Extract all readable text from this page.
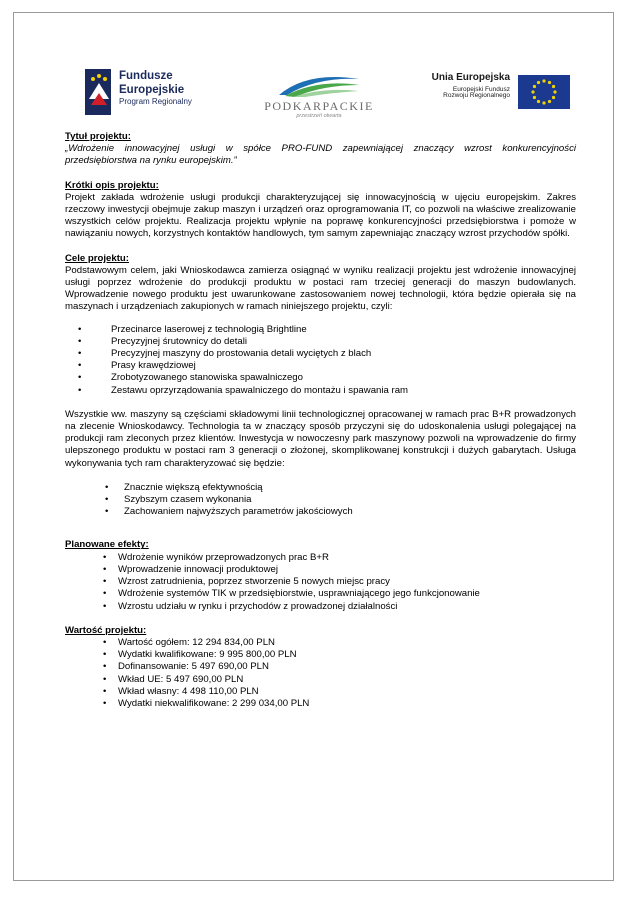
Fundusze
Europejskie
Program Regionalny	PODKARPACKIE
przestrzeń otwarta
Unia Europejska
Europejski Fundusz
Rozwoju Regionalnego
Tytuł projektu:

„Wdrożenie innowacyjnej usługi w spółce PRO-FUND zapewniającej znaczący wzrost konkurencyjności przedsiębiorstwa na rynku europejskim.”

Krótki opis projektu:

Projekt zakłada wdrożenie usługi produkcji charakteryzującej się innowacyjnością w ujęciu europejskim. Zakres rzeczowy inwestycji obejmuje zakup maszyn i urządzeń oraz oprogramowania IT, co pozwoli na właściwe zrealizowanie wszystkich celów projektu. Realizacja projektu wpłynie na poprawę konkurencyjności przedsiębiorstwa i pomoże w nawiązaniu nowych, korzystnych kontaktów handlowych, tym samym zapewniając znaczący wzrost przychodów spółki.

Cele projektu:

Podstawowym celem, jaki Wnioskodawca zamierza osiągnąć w wyniku realizacji projektu jest wdrożenie innowacyjnej usługi poprzez wdrożenie do produkcji produktu w postaci ram trzeciej generacji do maszyn budowlanych. Wprowadzenie nowego produktu jest uwarunkowane zastosowaniem nowej technologii, która będzie opierała się na maszynach i urządzeniach zakupionych w ramach niniejszego projektu, czyli:

• Przecinarce laserowej z technologią Brightline
• Precyzyjnej śrutownicy do detali
• Precyzyjnej maszyny do prostowania detali wyciętych z blach
• Prasy krawędziowej
• Zrobotyzowanego stanowiska spawalniczego
• Zestawu oprzyrządowania spawalniczego do montażu i spawania ram

Wszystkie ww. maszyny są częściami składowymi linii technologicznej opracowanej w ramach prac B+R prowadzonych na zlecenie Wnioskodawcy. Technologia ta w znaczący sposób przyczyni się do udoskonalenia usługi polegającej na produkcji ram zleconych przez klientów. Inwestycja w nowoczesny park maszynowy pozwoli na wprowadzenie do firmy ulepszonego produktu w postaci ram 3 generacji o złożonej, skomplikowanej konstrukcji i dużych gabarytach. Usługa wykonywania tych ram charakteryzować się będzie:

• Znacznie większą efektywnością
• Szybszym czasem wykonania
• Zachowaniem najwyższych parametrów jakościowych
Planowane efekty:
• Wdrożenie wyników przeprowadzonych prac B+R
• Wprowadzenie innowacji produktowej
• Wzrost zatrudnienia, poprzez stworzenie 5 nowych miejsc pracy
• Wdrożenie systemów TIK w przedsiębiorstwie, usprawniającego jego funkcjonowanie
• Wzrostu udziału w rynku i przychodów z prowadzonej działalności
Wartość projektu:
• Wartość ogółem: 12 294 834,00 PLN
• Wydatki kwalifikowane: 9 995 800,00 PLN
• Dofinansowanie: 5 497 690,00 PLN
• Wkład UE: 5 497 690,00 PLN
• Wkład własny: 4 498 110,00 PLN
• Wydatki niekwalifikowane: 2 299 034,00 PLN
